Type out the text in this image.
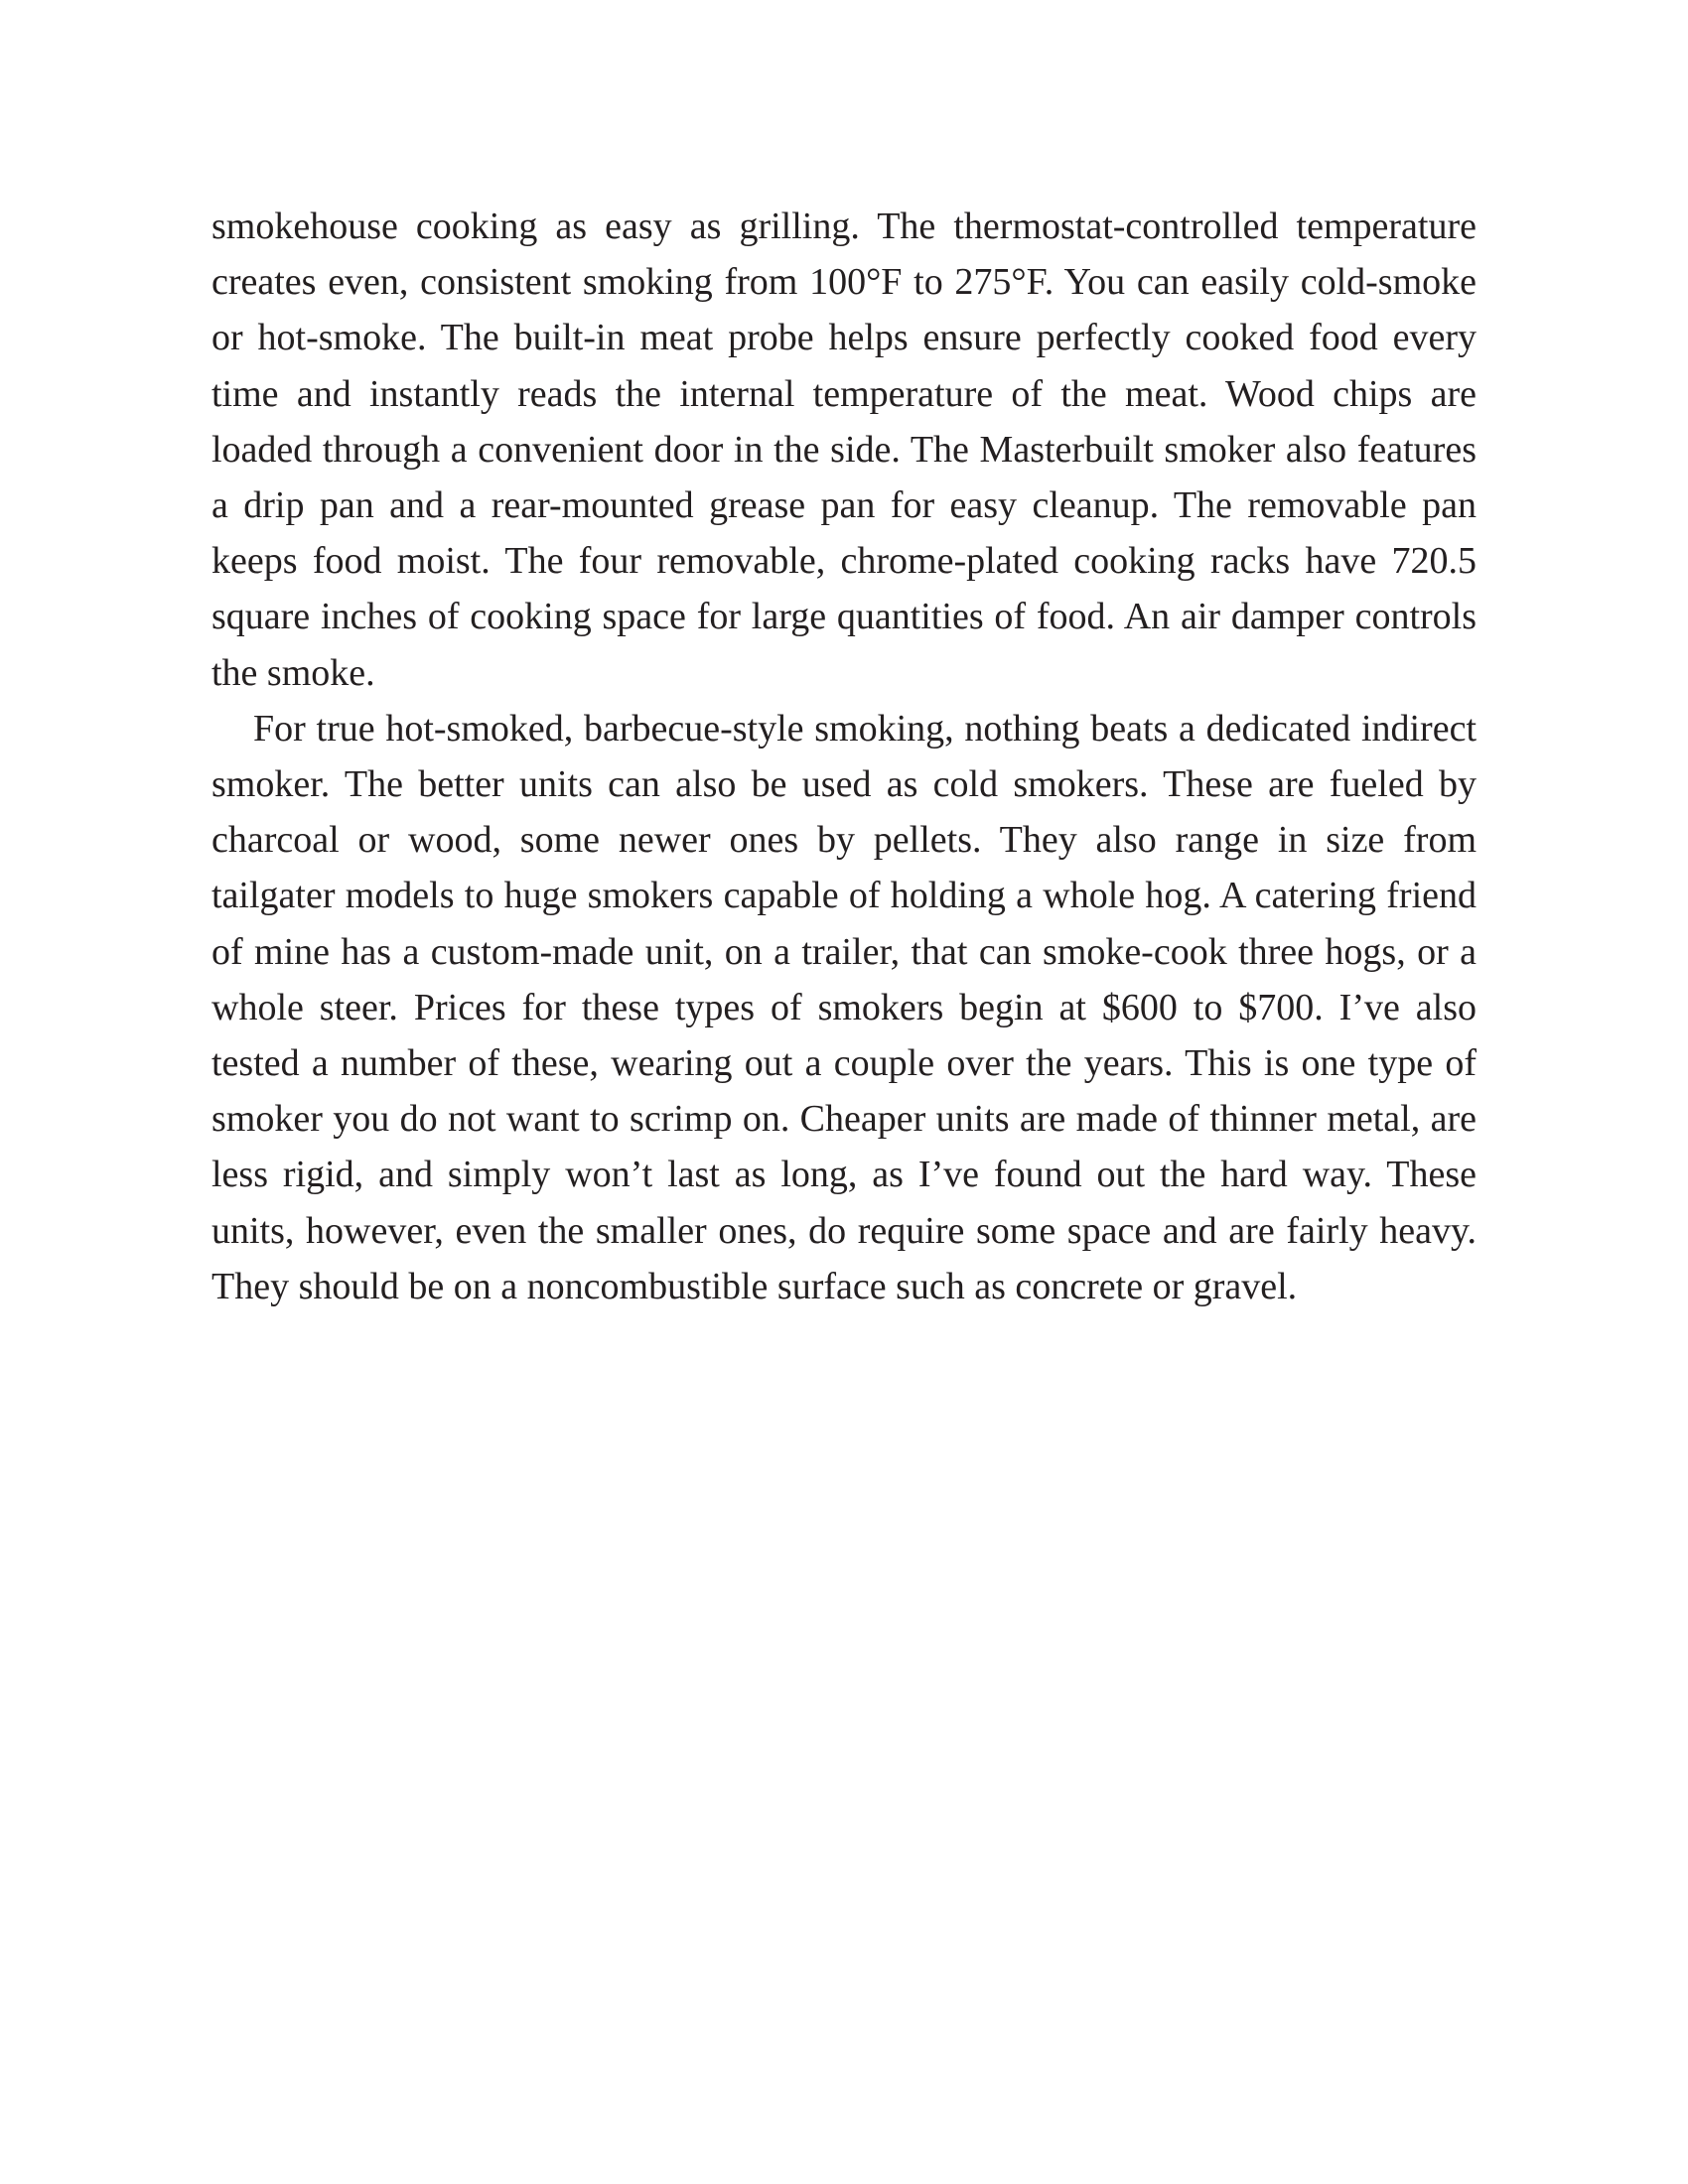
smokehouse cooking as easy as grilling. The thermostat-controlled temperature creates even, consistent smoking from 100°F to 275°F. You can easily cold-smoke or hot-smoke. The built-in meat probe helps ensure perfectly cooked food every time and instantly reads the internal temperature of the meat. Wood chips are loaded through a convenient door in the side. The Masterbuilt smoker also features a drip pan and a rear-mounted grease pan for easy cleanup. The removable pan keeps food moist. The four removable, chrome-plated cooking racks have 720.5 square inches of cooking space for large quantities of food. An air damper controls the smoke.

For true hot-smoked, barbecue-style smoking, nothing beats a dedicated indirect smoker. The better units can also be used as cold smokers. These are fueled by charcoal or wood, some newer ones by pellets. They also range in size from tailgater models to huge smokers capable of holding a whole hog. A catering friend of mine has a custom-made unit, on a trailer, that can smoke-cook three hogs, or a whole steer. Prices for these types of smokers begin at $600 to $700. I’ve also tested a number of these, wearing out a couple over the years. This is one type of smoker you do not want to scrimp on. Cheaper units are made of thinner metal, are less rigid, and simply won’t last as long, as I’ve found out the hard way. These units, however, even the smaller ones, do require some space and are fairly heavy. They should be on a noncombustible surface such as concrete or gravel.
